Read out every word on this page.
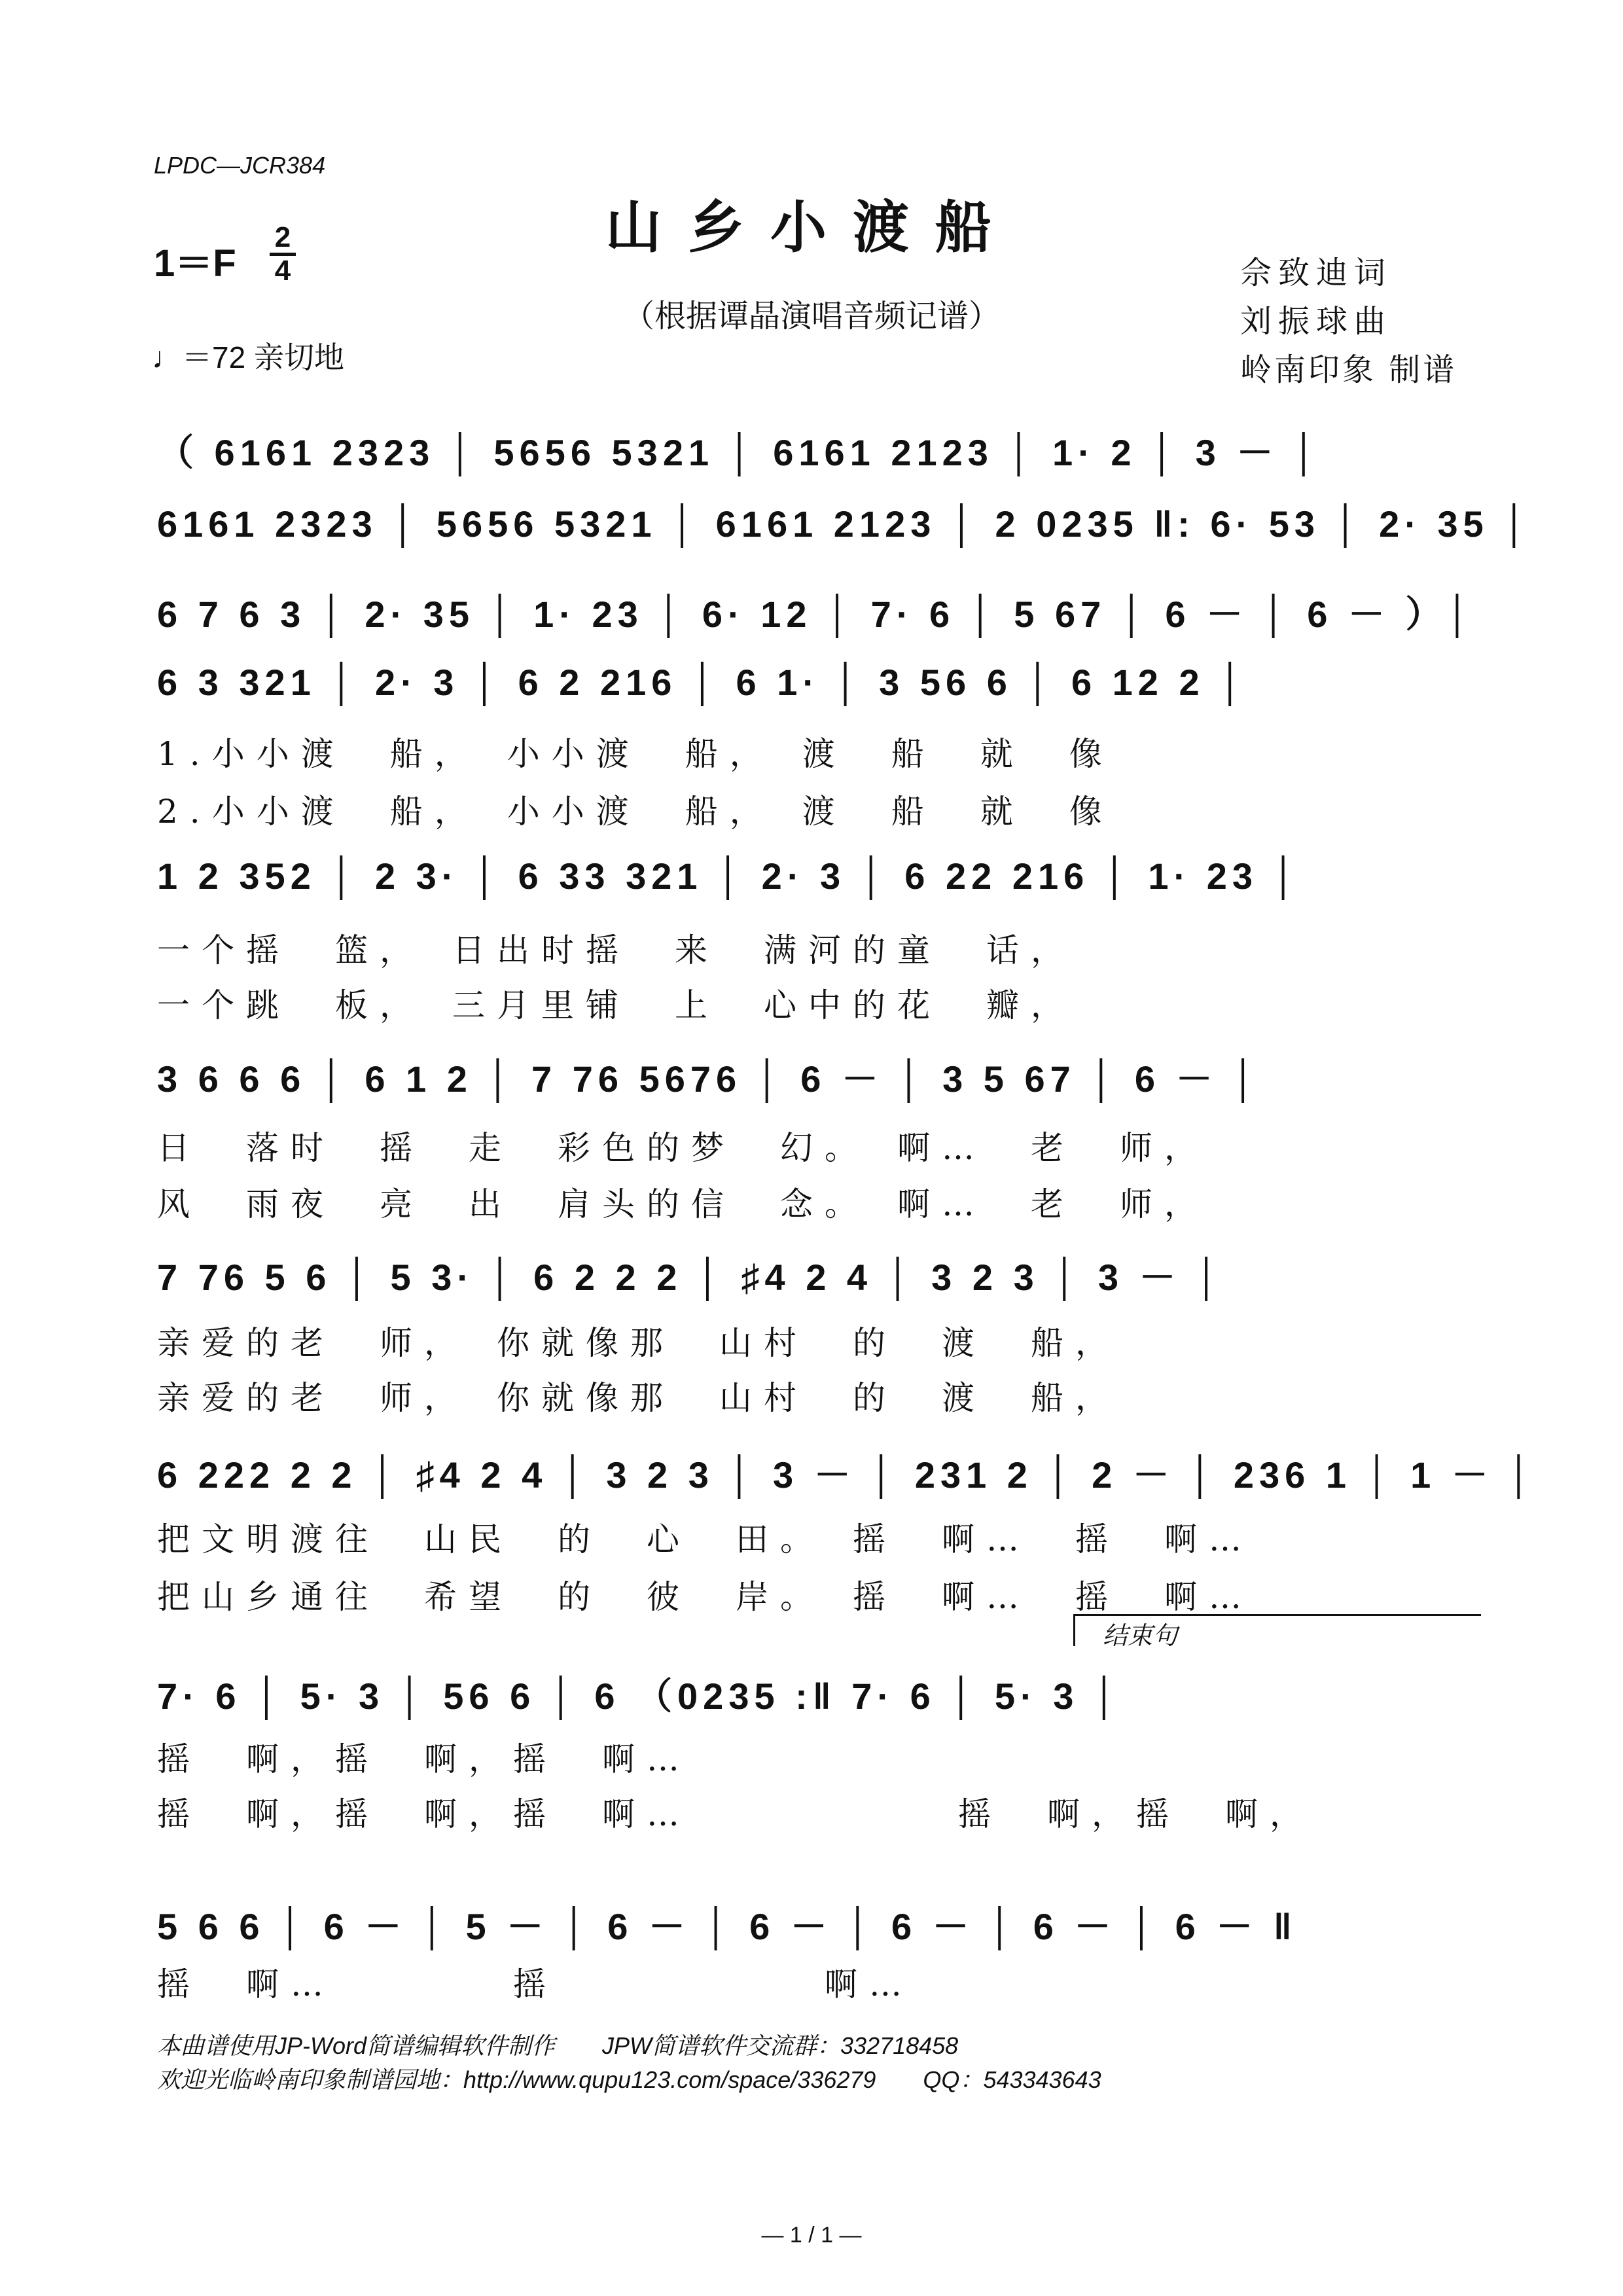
LPDC—JCR384
山乡小渡船
（根据谭晶演唱音频记谱）
1＝F
2
4
♩＝72 亲切地
佘致迪词
刘振球曲
岭南印象 制谱
（ 6161 2323 │ 5656 5321 │ 6161 2123 │ 1· 2 │ 3 － │
6161 2323 │ 5656 5321 │ 6161 2123 │ 2 0235 ‖: 6· 53 │ 2· 35 │
6 7 6 3 │ 2· 35 │ 1· 23 │ 6· 12 │ 7· 6 │ 5 67 │ 6 － │ 6 － ）│
6 3 321 │ 2· 3 │ 6 2 216 │ 6 1· │ 3 56 6 │ 6 12 2 │
1.小小渡　船，　小小渡　船，　渡　船　就　像
2.小小渡　船，　小小渡　船，　渡　船　就　像
1 2 352 │ 2 3· │ 6 33 321 │ 2· 3 │ 6 22 216 │ 1· 23 │
一个摇　篮，　日出时摇　来　满河的童　话，
一个跳　板，　三月里铺　上　心中的花　瓣，
3 6 6 6 │ 6 1 2 │ 7 76 5676 │ 6 － │ 3 5 67 │ 6 － │
日　落时　摇　走　彩色的梦　幻。　啊…　老　师，
风　雨夜　亮　出　肩头的信　念。　啊…　老　师，
7 76 5 6 │ 5 3· │ 6 2 2 2 │ ♯4 2 4 │ 3 2 3 │ 3 － │
亲爱的老　师，　你就像那　山村　的　渡　船，
亲爱的老　师，　你就像那　山村　的　渡　船，
6 222 2 2 │ ♯4 2 4 │ 3 2 3 │ 3 － │ 231 2 │ 2 － │ 236 1 │ 1 － │
把文明渡往　山民　的　心　田。　摇　啊…　摇　啊…
把山乡通往　希望　的　彼　岸。　摇　啊…　摇　啊…
结束句
7· 6 │ 5· 3 │ 56 6 │ 6 （0235 :‖ 7· 6 │ 5· 3 │
摇　啊，摇　啊，摇　啊…
摇　啊，摇　啊，摇　啊…　　　　　　摇　啊，摇　啊，
5 6 6 │ 6 － │ 5 － │ 6 － │ 6 － │ 6 － │ 6 － │ 6 － ‖
摇　啊…　　　　摇　　　　　　啊…
本曲谱使用JP-Word简谱编辑软件制作　　JPW简谱软件交流群：332718458
欢迎光临岭南印象制谱园地：http://www.qupu123.com/space/336279　　QQ：543343643
— 1 / 1 —
